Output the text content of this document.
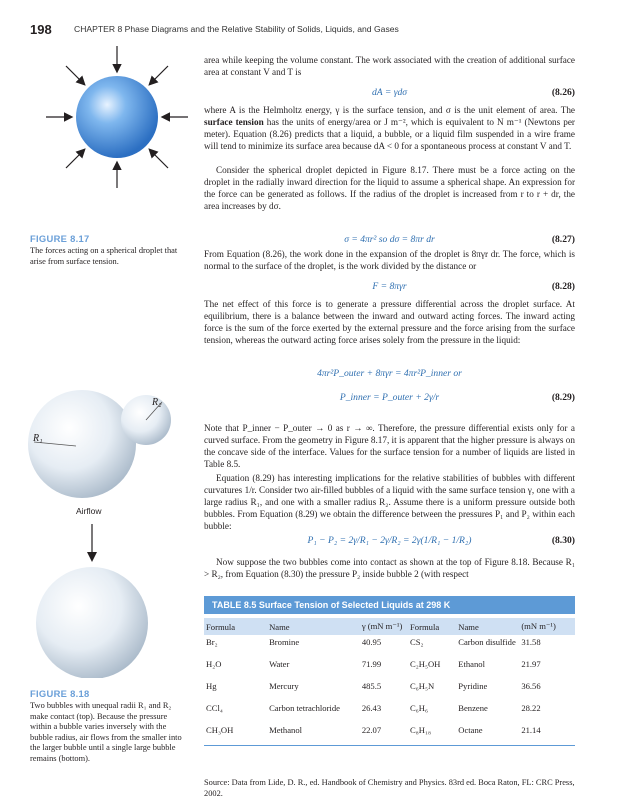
198	CHAPTER 8 Phase Diagrams and the Relative Stability of Solids, Liquids, and Gases
FIGURE 8.17
The forces acting on a spherical droplet that arise from surface tension.
R₁
R₂
Airflow
FIGURE 8.18
Two bubbles with unequal radii R₁ and R₂ make contact (top). Because the pressure within a bubble varies inversely with the bubble radius, air flows from the smaller into the larger bubble until a single large bubble remains (bottom).
area while keeping the volume constant. The work associated with the creation of additional surface area at constant V and T is
dA = γdσ	(8.26)
where A is the Helmholtz energy, γ is the surface tension, and σ is the unit element of area. The surface tension has the units of energy/area or J m⁻², which is equivalent to N m⁻¹ (Newtons per meter). Equation (8.26) predicts that a liquid, a bubble, or a liquid film suspended in a wire frame will tend to minimize its surface area because dA < 0 for a spontaneous process at constant V and T.

Consider the spherical droplet depicted in Figure 8.17. There must be a force acting on the droplet in the radially inward direction for the liquid to assume a spherical shape. An expression for the force can be generated as follows. If the radius of the droplet is increased from r to r + dr, the area increases by dσ.

σ = 4πr² so dσ = 8πr dr	(8.27)
From Equation (8.26), the work done in the expansion of the droplet is 8πγr dr. The force, which is normal to the surface of the droplet, is the work divided by the distance or
F = 8πγr	(8.28)
The net effect of this force is to generate a pressure differential across the droplet surface. At equilibrium, there is a balance between the inward and outward acting forces. The inward acting force is the sum of the force exerted by the external pressure and the force arising from the surface tension, whereas the outward acting force arises solely from the pressure in the liquid:
4πr²P_outer + 8πγr = 4πr²P_inner or
P_inner = P_outer + 2γ/r	(8.29)
Note that P_inner − P_outer → 0 as r → ∞. Therefore, the pressure differential exists only for a curved surface. From the geometry in Figure 8.17, it is apparent that the higher pressure is always on the concave side of the interface. Values for the surface tension for a number of liquids are listed in Table 8.5.

Equation (8.29) has interesting implications for the relative stabilities of bubbles with different curvatures 1/r. Consider two air-filled bubbles of a liquid with the same surface tension γ, one with a large radius R₁, and one with a smaller radius R₂. Assume there is a uniform pressure outside both bubbles. From Equation (8.29) we obtain the difference between the pressures P₁ and P₂ within each bubble:

P₁ − P₂ = 2γ/R₁ − 2γ/R₂ = 2γ(1/R₁ − 1/R₂)	(8.30)

Now suppose the two bubbles come into contact as shown at the top of Figure 8.18. Because R₁ > R₂, from Equation (8.30) the pressure P₂ inside bubble 2 (with respect

TABLE 8.5 Surface Tension of Selected Liquids at 298 K
Formula	Name	γ (mN m⁻¹)	Formula	Name	(mN m⁻¹)
Br₂	Bromine	40.95	CS₂	Carbon disulfide	31.58
H₂O	Water	71.99	C₂H₅OH	Ethanol	21.97
Hg	Mercury	485.5	C₆H₅N	Pyridine	36.56
CCl₄	Carbon tetrachloride	26.43	C₆H₆	Benzene	28.22
CH₃OH	Methanol	22.07	C₈H₁₈	Octane	21.14
Source: Data from Lide, D. R., ed. Handbook of Chemistry and Physics. 83rd ed. Boca Raton, FL: CRC Press, 2002.
